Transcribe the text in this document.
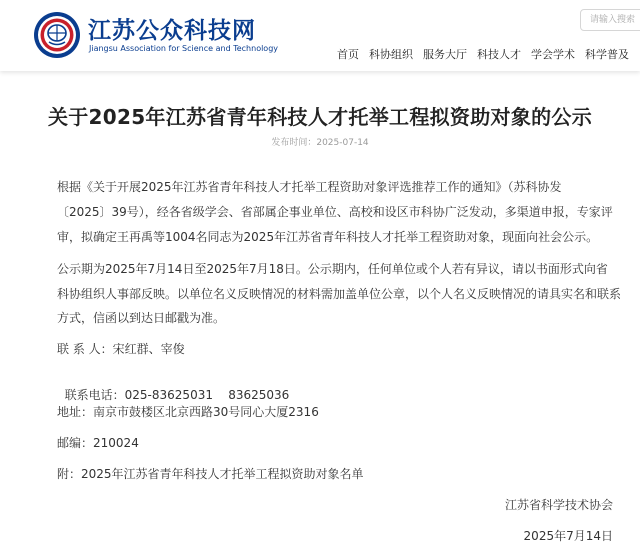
江苏公众科技网
Jiangsu Association for Science and Technology
请输入搜索	首页 科协组织 服务大厅 科技人才 学会学术 科学普及
关于2025年江苏省青年科技人才托举工程拟资助对象的公示
发布时间：2025-07-14
根据《关于开展2025年江苏省青年科技人才托举工程资助对象评选推荐工作的通知》（苏科协发
〔2025〕39号），经各省级学会、省部属企事业单位、高校和设区市科协广泛发动，多渠道申报，专家评
审，拟确定王再禹等1004名同志为2025年江苏省青年科技人才托举工程资助对象，现面向社会公示。
公示期为2025年7月14日至2025年7月18日。公示期内，任何单位或个人若有异议，请以书面形式向省
科协组织人事部反映。以单位名义反映情况的材料需加盖单位公章，以个人名义反映情况的请具实名和联系
方式，信函以到达日邮戳为准。
联 系 人：宋红群、宰俊

联系电话：025-83625031    83625036

地址：南京市鼓楼区北京西路30号同心大厦2316
邮编：210024
附：2025年江苏省青年科技人才托举工程拟资助对象名单
江苏省科学技术协会
2025年7月14日
